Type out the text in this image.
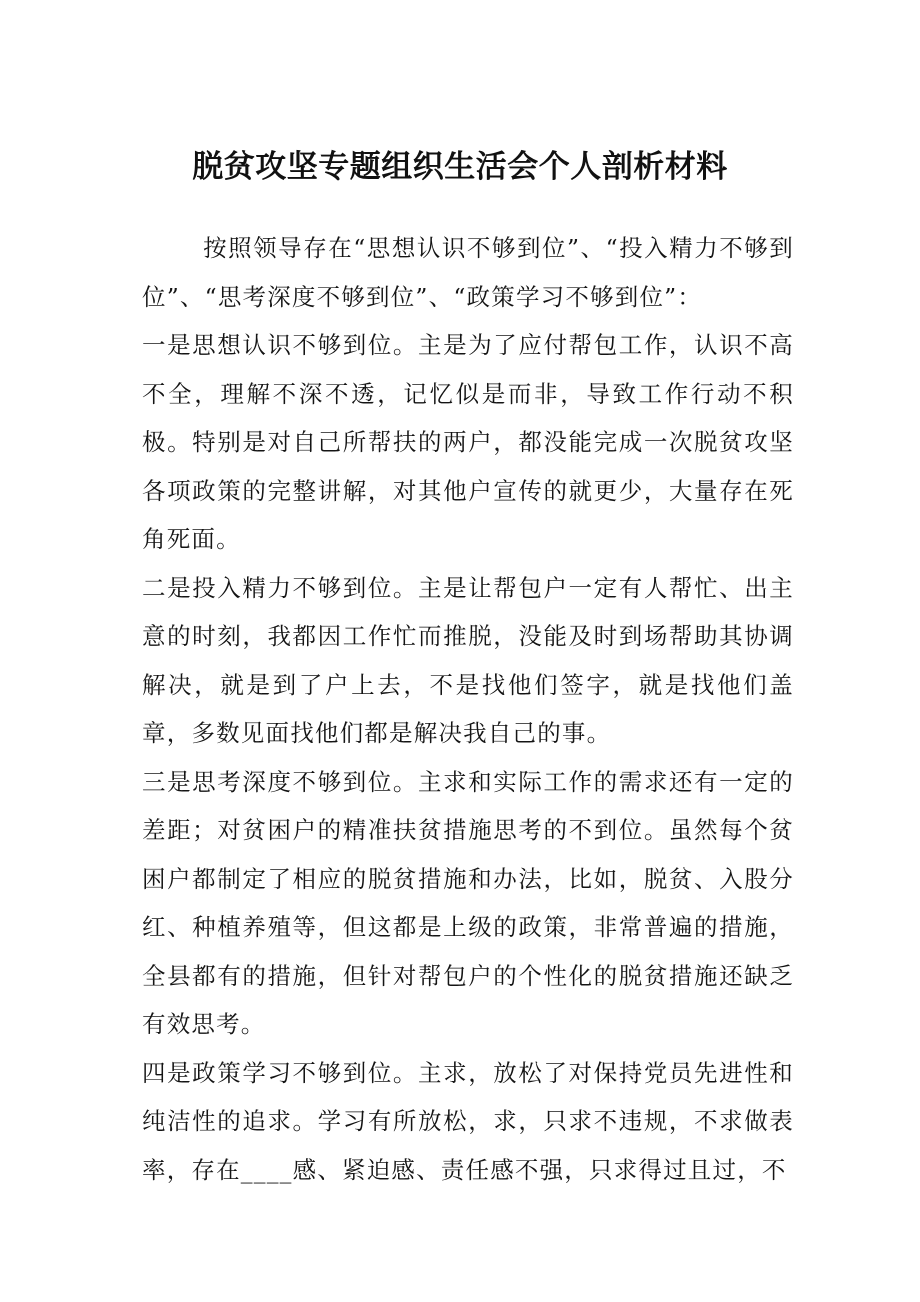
脱贫攻坚专题组织生活会个人剖析材料

按照领导存在“思想认识不够到位”、“投入精力不够到位”、“思考深度不够到位”、“政策学习不够到位”：

一是思想认识不够到位。主是为了应付帮包工作，认识不高不全，理解不深不透，记忆似是而非，导致工作行动不积极。特别是对自己所帮扶的两户，都没能完成一次脱贫攻坚各项政策的完整讲解，对其他户宣传的就更少，大量存在死角死面。

二是投入精力不够到位。主是让帮包户一定有人帮忙、出主意的时刻，我都因工作忙而推脱，没能及时到场帮助其协调解决，就是到了户上去，不是找他们签字，就是找他们盖章，多数见面找他们都是解决我自己的事。

三是思考深度不够到位。主求和实际工作的需求还有一定的差距；对贫困户的精准扶贫措施思考的不到位。虽然每个贫困户都制定了相应的脱贫措施和办法，比如，脱贫、入股分红、种植养殖等，但这都是上级的政策，非常普遍的措施，全县都有的措施，但针对帮包户的个性化的脱贫措施还缺乏有效思考。

四是政策学习不够到位。主求，放松了对保持党员先进性和纯洁性的追求。学习有所放松，求，只求不违规，不求做表率，存在____感、紧迫感、责任感不强，只求得过且过，不
